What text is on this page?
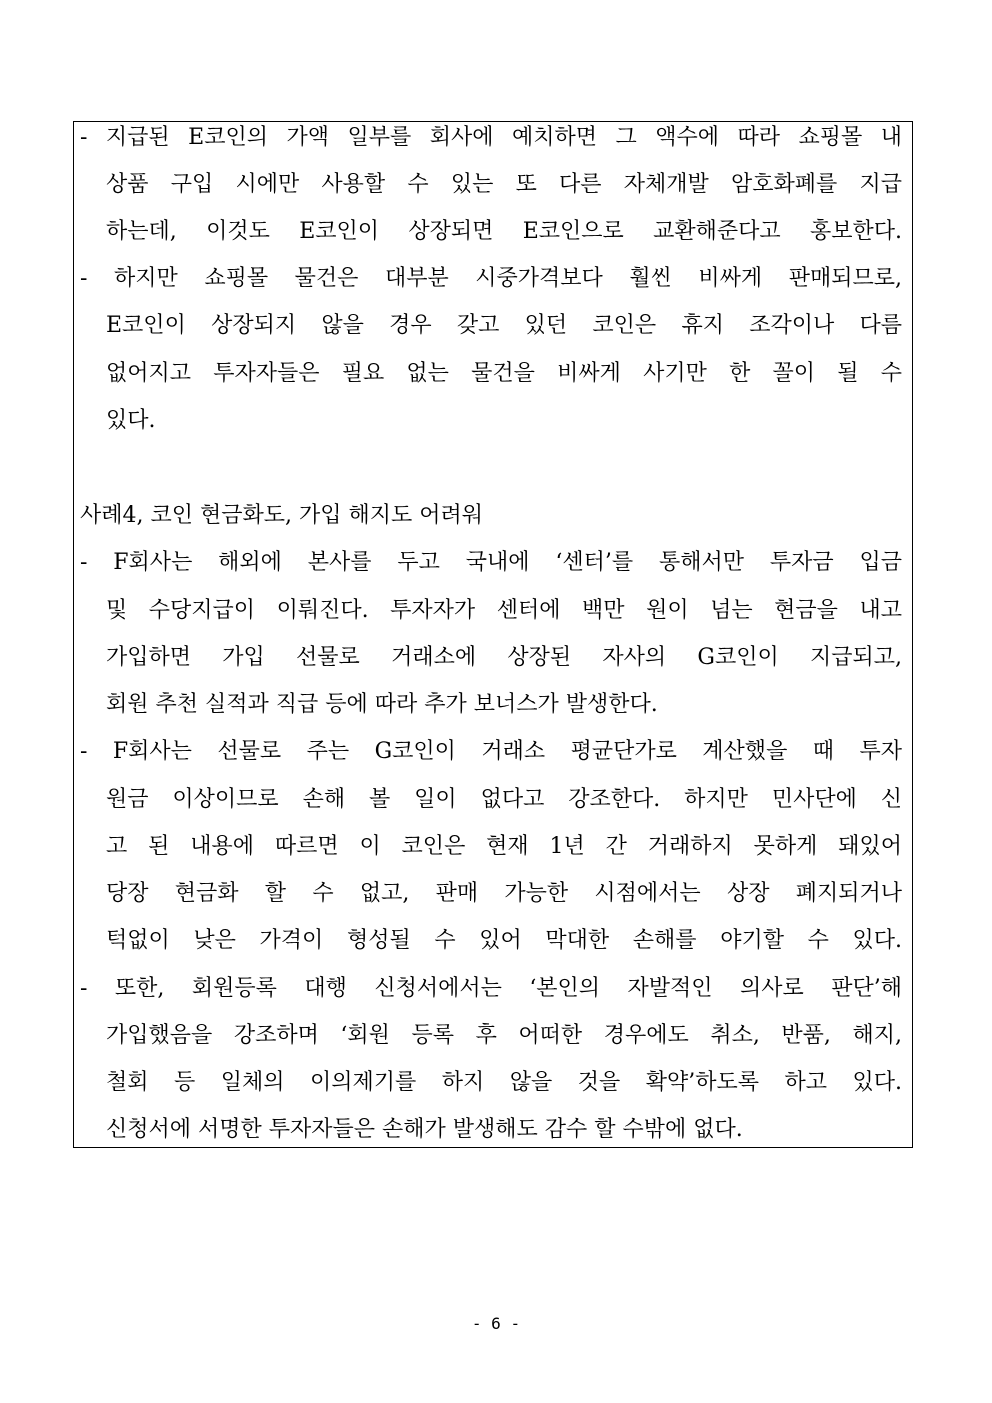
- 지급된 E코인의 가액 일부를 회사에 예치하면 그 액수에 따라 쇼핑몰 내
상품 구입 시에만 사용할 수 있는 또 다른 자체개발 암호화폐를 지급
하는데, 이것도 E코인이 상장되면 E코인으로 교환해준다고 홍보한다.
- 하지만 쇼핑몰 물건은 대부분 시중가격보다 훨씬 비싸게 판매되므로,
E코인이 상장되지 않을 경우 갖고 있던 코인은 휴지 조각이나 다름
없어지고 투자자들은 필요 없는 물건을 비싸게 사기만 한 꼴이 될 수
있다.
사례4, 코인 현금화도, 가입 해지도 어려워
- F회사는 해외에 본사를 두고 국내에 ‘센터’를 통해서만 투자금 입금
및 수당지급이 이뤄진다. 투자자가 센터에 백만 원이 넘는 현금을 내고
가입하면 가입 선물로 거래소에 상장된 자사의 G코인이 지급되고,
회원 추천 실적과 직급 등에 따라 추가 보너스가 발생한다.
- F회사는 선물로 주는 G코인이 거래소 평균단가로 계산했을 때 투자
원금 이상이므로 손해 볼 일이 없다고 강조한다. 하지만 민사단에 신
고 된 내용에 따르면 이 코인은 현재 1년 간 거래하지 못하게 돼있어
당장 현금화 할 수 없고, 판매 가능한 시점에서는 상장 폐지되거나
턱없이 낮은 가격이 형성될 수 있어 막대한 손해를 야기할 수 있다.
- 또한, 회원등록 대행 신청서에서는 ‘본인의 자발적인 의사로 판단’해
가입했음을 강조하며 ‘회원 등록 후 어떠한 경우에도 취소, 반품, 해지,
철회 등 일체의 이의제기를 하지 않을 것을 확약’하도록 하고 있다.
신청서에 서명한 투자자들은 손해가 발생해도 감수 할 수밖에 없다.
- 6 -
